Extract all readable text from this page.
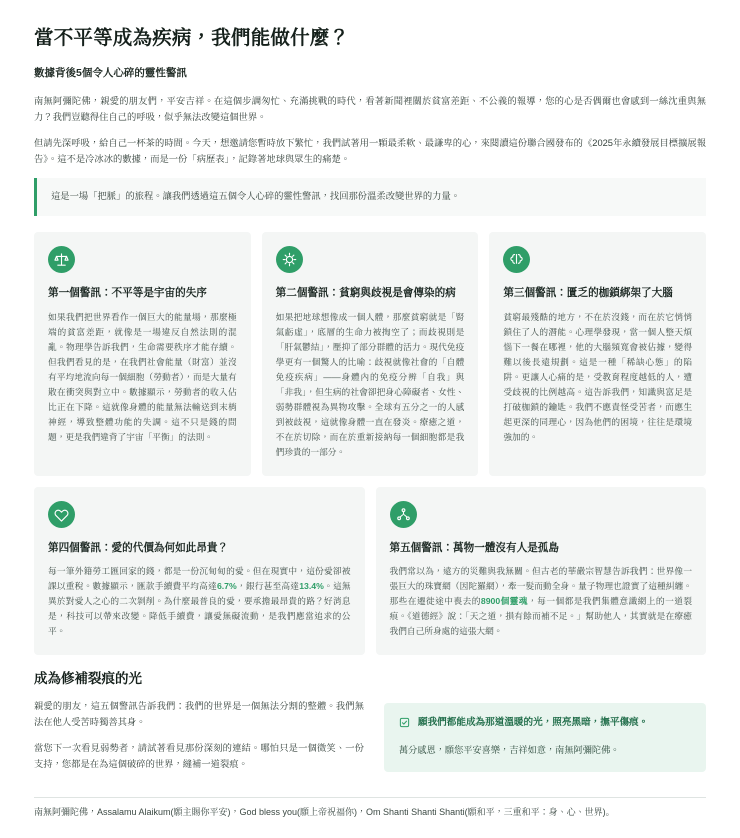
當不平等成為疾病，我們能做什麼？
數據背後5個令人心碎的靈性警訊

南無阿彌陀佛，親愛的朋友們，平安吉祥。在這個步調匆忙、充滿挑戰的時代，看著新聞裡關於貧富差距、不公義的報導，您的心是否偶爾也會感到一絲沈重與無力？我們豈聽得住自己的呼吸，似乎無法改變這個世界。

但請先深呼吸，給自己一杯茶的時間。今天，想邀請您暫時放下繁忙，我們試著用一顆最柔軟、最謙卑的心，來閱讀這份聯合國發布的《2025年永續發展目標擴展報告》。這不是冷冰冰的數據，而是一份「病歷表」，記錄著地球與眾生的痛楚。

這是一場「把脈」的旅程。讓我們透過這五個令人心碎的靈性警訊，找回那份溫柔改變世界的力量。
第一個警訊：不平等是宇宙的失序

如果我們把世界看作一個巨大的能量場，那麼極端的貧富差距，就像是一場違反自然法則的混亂。物理學告訴我們，生命需要秩序才能存續。但我們看見的是，在我們社會能量（財富）並沒有平均地流向每一個細胞（勞動者），而是大量有散在衝突與對立中。數據顯示，勞動者的收入佔比正在下降。這就像身體的能量無法輸送到末梢神經，導致整體功能的失調。這不只是錢的問題，更是我們違背了宇宙「平衡」的法則。

第二個警訊：貧窮與歧視是會傳染的病

如果把地球想像成一個人體，那麼貧窮就是「腎氣虧虛」，底層的生命力被掏空了；而歧視則是「肝氣鬱結」，壓抑了部分群體的活力。現代免疫學更有一個驚人的比喻：歧視就像社會的「自體免疫疾病」——身體內的免疫分辨「自我」與「非我」，但生病的社會卻把身心障礙者、女性、弱勢群體視為異物攻擊。全球有五分之一的人感到被歧視，這就像身體一直在發炎。療癒之道，不在於切除，而在於重新接納每一個細胞都是我們珍貴的一部分。

第三個警訊：匱乏的枷鎖綁架了大腦

貧窮最殘酷的地方，不在於沒錢，而在於它悄悄鎖住了人的潛能。心理學發現，當一個人整天煩惱下一餐在哪裡，他的大腦頻寬會被佔據，變得難以後長遠規劃。這是一種「稀缺心態」的陷阱。更讓人心痛的是，受教育程度越低的人，遭受歧視的比例越高。這告訴我們，知識與富足是打破枷鎖的鑰匙。我們不應責怪受苦者，而應生起更深的同理心，因為他們的困境，往往是環境強加的。

第四個警訊：愛的代價為何如此昂貴？

每一筆外籍勞工匯回家的錢，都是一份沉甸甸的愛。但在現實中，這份愛卻被課以重稅。數據顯示，匯款手續費平均高達6.7%，銀行甚至高達13.4%。這無異於對愛人之心的二次剝削。為什麼最普良的愛，要承擔最昂貴的路？好消息是，科技可以帶來改變。降低手續費，讓愛無礙流動，是我們應當追求的公平。

第五個警訊：萬物一體沒有人是孤島

我們常以為，遠方的災難與我無關。但古老的華嚴宗智慧告訴我們：世界像一張巨大的珠寶網（因陀羅網），牽一髮而動全身。量子物理也證實了這種糾纏。那些在遷徙途中喪去的8900個靈魂，每一個都是我們集體意識網上的一道裂痕。《道德經》說：「天之道，損有餘而補不足。」幫助他人，其實就是在療癒我們自己所身處的這張大網。

成為修補裂痕的光

親愛的朋友，這五個警訊告訴我們：我們的世界是一個無法分割的整體。我們無法在他人受苦時獨善其身。

當您下一次看見弱勢者，請試著看見那份深刻的連結。哪怕只是一個微笑、一份支持，您都是在為這個破碎的世界，縫補一道裂痕。

願我們都能成為那道溫暖的光，照亮黑暗，撫平傷痕。
萬分感恩，願您平安喜樂，吉祥如意，南無阿彌陀佛。
南無阿彌陀佛，Assalamu Alaikum(願主賜你平安)，God bless you(願上帝祝福你)，Om Shanti Shanti Shanti(願和平，三重和平：身、心、世界)。
